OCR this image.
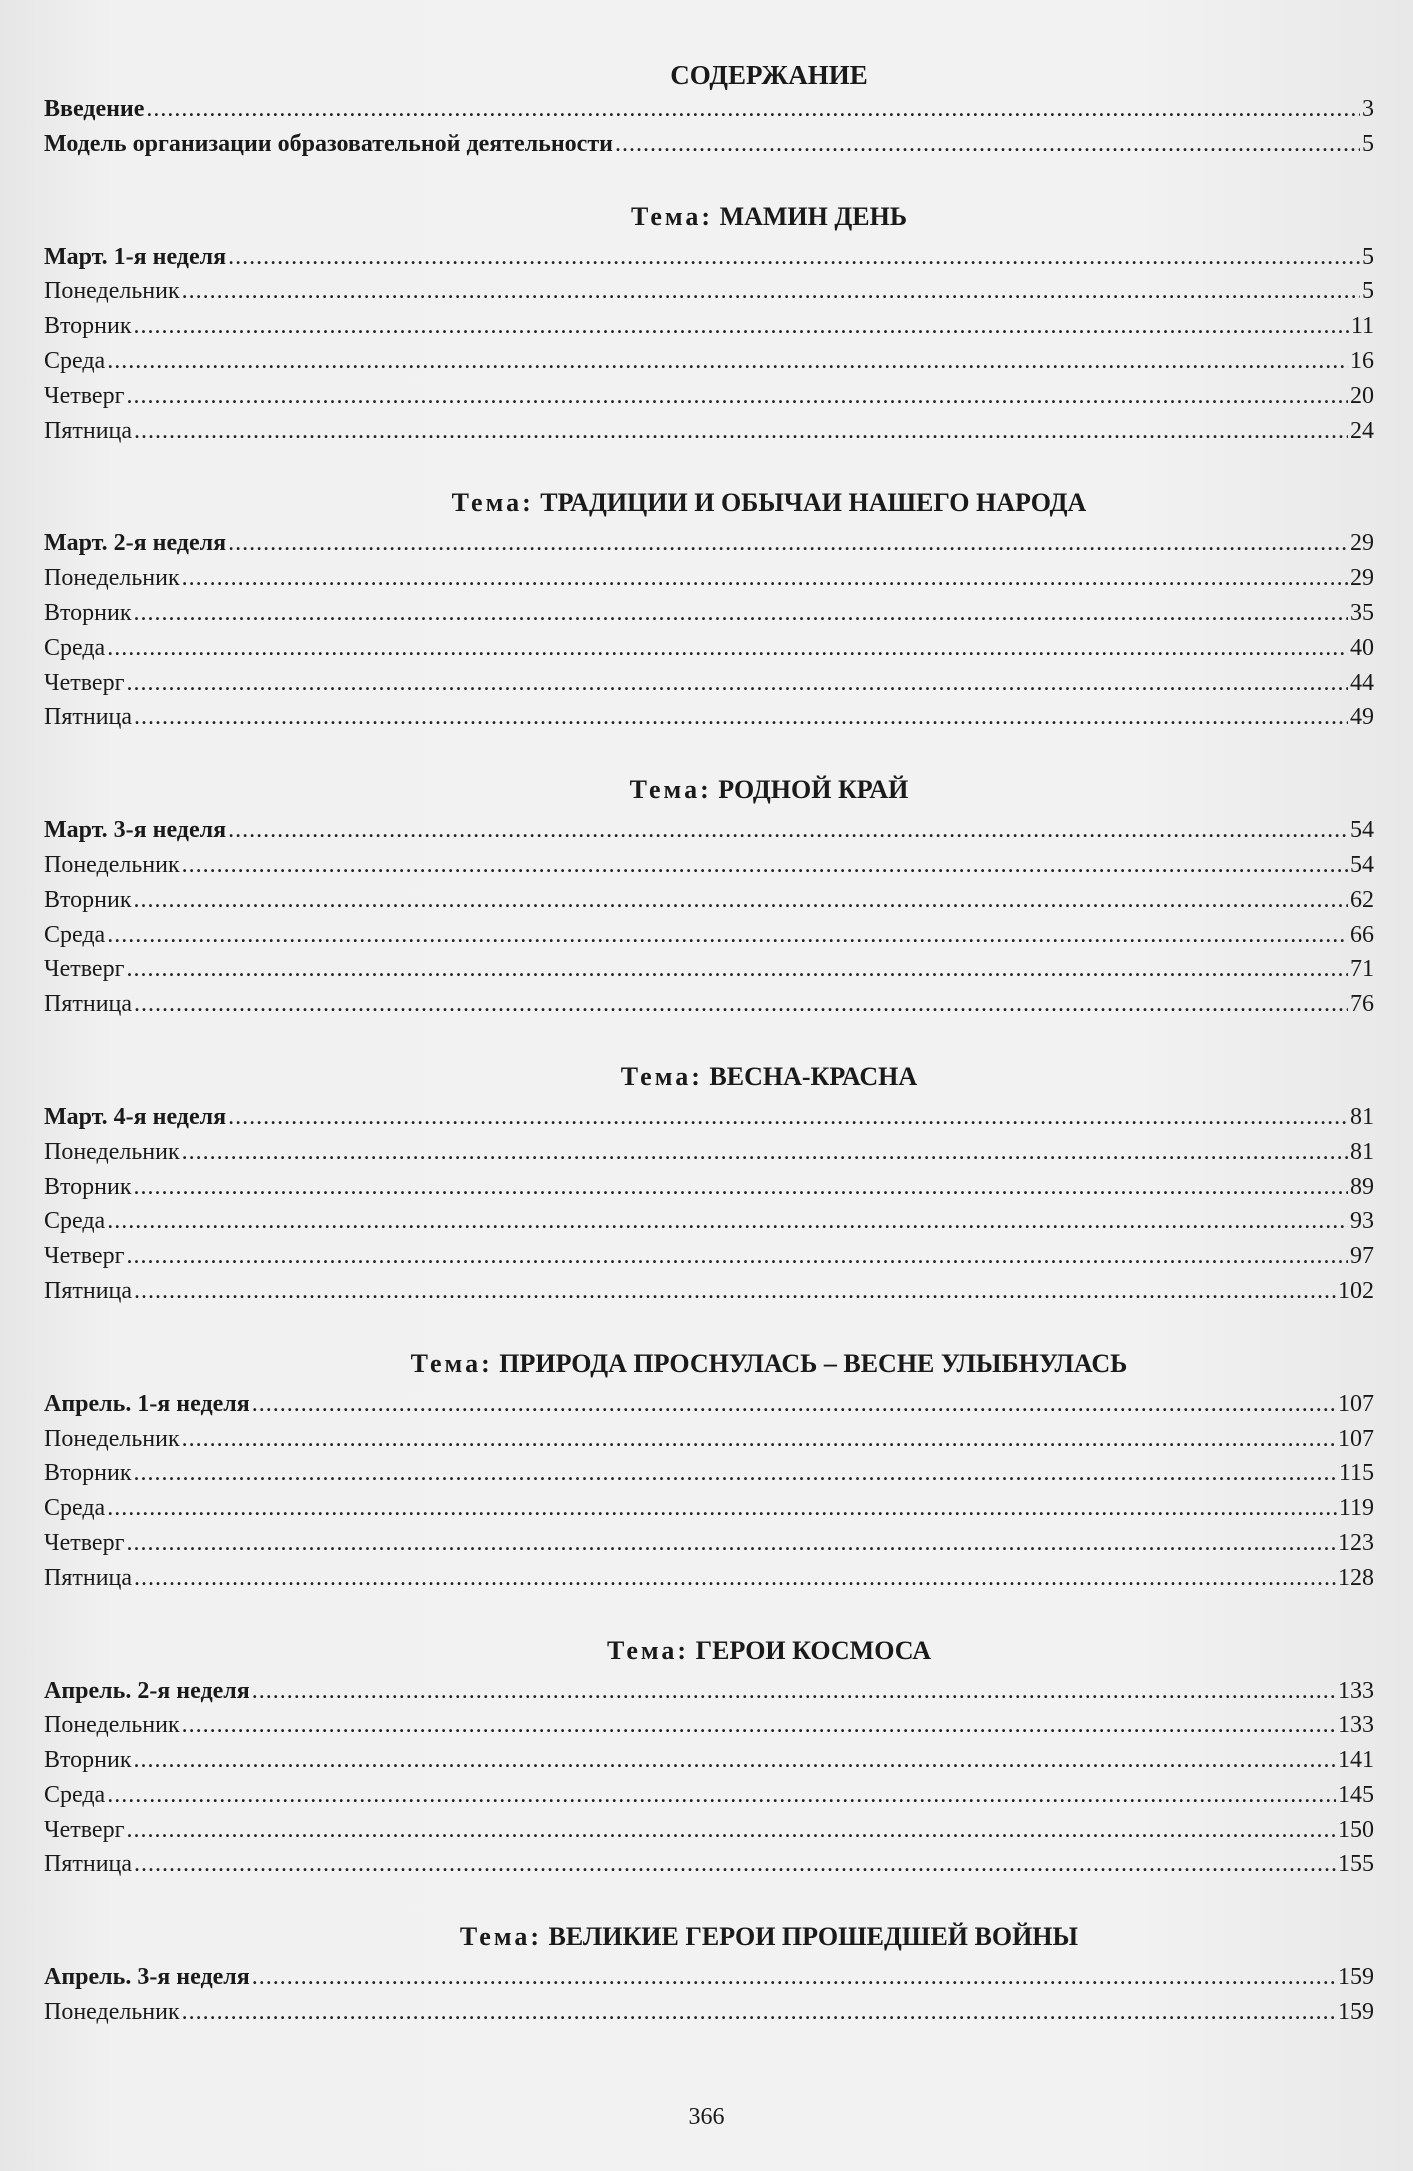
СОДЕРЖАНИЕ
Введение .....	3
Модель организации образовательной деятельности .....	5
Тема: МАМИН ДЕНЬ
Март. 1-я неделя .....	5
Понедельник .....	5
Вторник .....	11
Среда .....	16
Четверг .....	20
Пятница .....	24
Тема: ТРАДИЦИИ И ОБЫЧАИ НАШЕГО НАРОДА
Март. 2-я неделя .....	29
Понедельник .....	29
Вторник .....	35
Среда .....	40
Четверг .....	44
Пятница .....	49
Тема: РОДНОЙ КРАЙ
Март. 3-я неделя .....	54
Понедельник .....	54
Вторник .....	62
Среда .....	66
Четверг .....	71
Пятница .....	76
Тема: ВЕСНА-КРАСНА
Март. 4-я неделя .....	81
Понедельник .....	81
Вторник .....	89
Среда .....	93
Четверг .....	97
Пятница .....	102
Тема: ПРИРОДА ПРОСНУЛАСЬ – ВЕСНЕ УЛЫБНУЛАСЬ
Апрель. 1-я неделя .....	107
Понедельник .....	107
Вторник .....	115
Среда .....	119
Четверг .....	123
Пятница .....	128
Тема: ГЕРОИ КОСМОСА
Апрель. 2-я неделя .....	133
Понедельник .....	133
Вторник .....	141
Среда .....	145
Четверг .....	150
Пятница .....	155
Тема: ВЕЛИКИЕ ГЕРОИ ПРОШЕДШЕЙ ВОЙНЫ
Апрель. 3-я неделя .....	159
Понедельник .....	159
366
